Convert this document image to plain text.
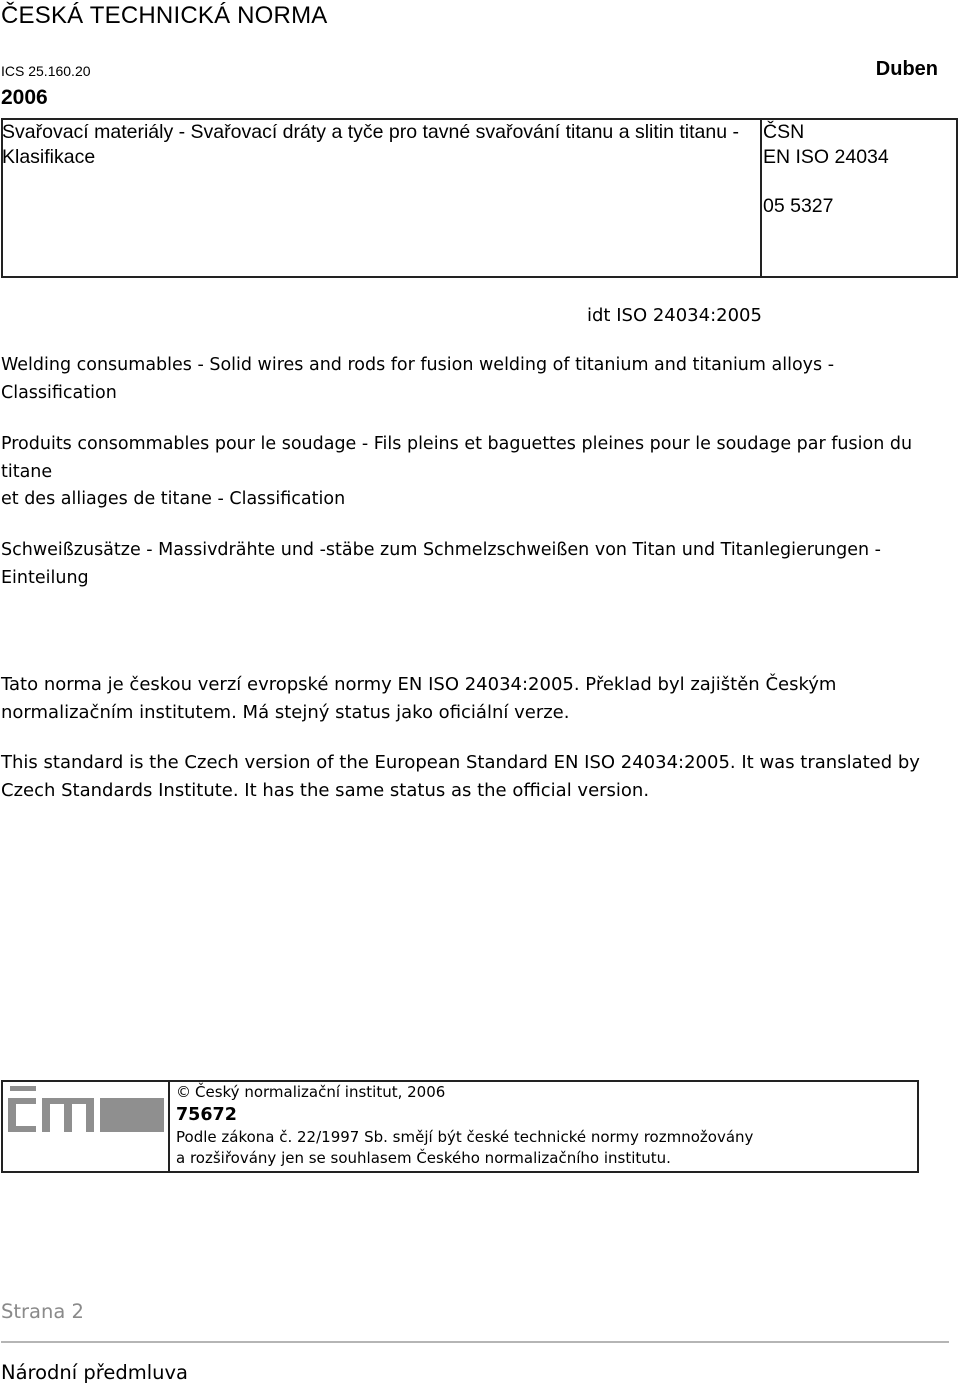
ČESKÁ TECHNICKÁ NORMA
ICS 25.160.20	Duben
2006
Svařovací materiály - Svařovací dráty a tyče pro tavné svařování titanu a slitin titanu - Klasifikace
ČSN
EN ISO 24034
05 5327
idt ISO 24034:2005
Welding consumables - Solid wires and rods for fusion welding of titanium and titanium alloys - Classification
Produits consommables pour le soudage - Fils pleins et baguettes pleines pour le soudage par fusion du titane
et des alliages de titane - Classification
Schweißzusätze - Massivdrähte und -stäbe zum Schmelzschweißen von Titan und Titanlegierungen - Einteilung
Tato norma je českou verzí evropské normy EN ISO 24034:2005. Překlad byl zajištěn Českým normalizačním institutem. Má stejný status jako oficiální verze.
This standard is the Czech version of the European Standard EN ISO 24034:2005. It was translated by Czech Standards Institute. It has the same status as the official version.
© Český normalizační institut, 2006
75672
Podle zákona č. 22/1997 Sb. smějí být české technické normy rozmnožovány
a rozšiřovány jen se souhlasem Českého normalizačního institutu.
Strana 2
Národní předmluva
